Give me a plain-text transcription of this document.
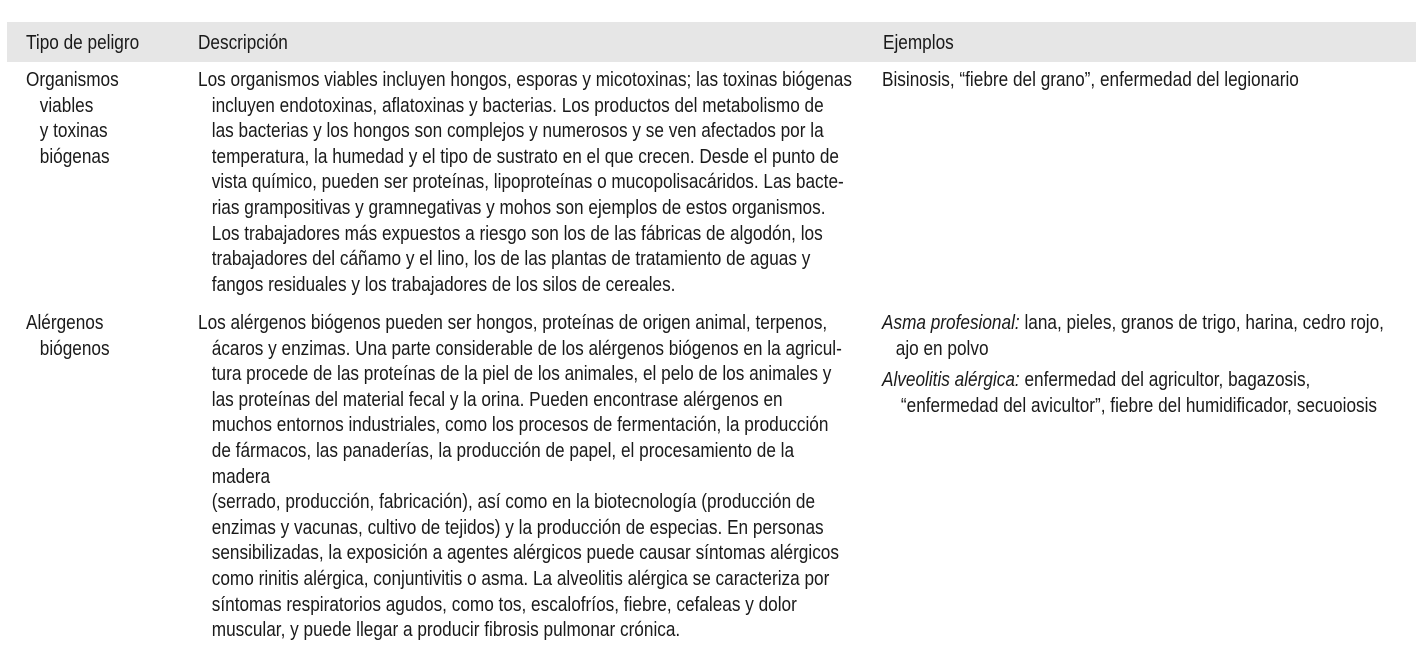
Tipo de peligro	Descripción	Ejemplos
Organismos
viables
y toxinas
biógenas
Los organismos viables incluyen hongos, esporas y micotoxinas; las toxinas biógenas
incluyen endotoxinas, aflatoxinas y bacterias. Los productos del metabolismo de
las bacterias y los hongos son complejos y numerosos y se ven afectados por la
temperatura, la humedad y el tipo de sustrato en el que crecen. Desde el punto de
vista químico, pueden ser proteínas, lipoproteínas o mucopolisacáridos. Las bacte-
rias grampositivas y gramnegativas y mohos son ejemplos de estos organismos.
Los trabajadores más expuestos a riesgo son los de las fábricas de algodón, los
trabajadores del cáñamo y el lino, los de las plantas de tratamiento de aguas y
fangos residuales y los trabajadores de los silos de cereales.
Bisinosis, “fiebre del grano”, enfermedad del legionario
Alérgenos
biógenos
Los alérgenos biógenos pueden ser hongos, proteínas de origen animal, terpenos,
ácaros y enzimas. Una parte considerable de los alérgenos biógenos en la agricul-
tura procede de las proteínas de la piel de los animales, el pelo de los animales y
las proteínas del material fecal y la orina. Pueden encontrase alérgenos en
muchos entornos industriales, como los procesos de fermentación, la producción
de fármacos, las panaderías, la producción de papel, el procesamiento de la
madera
(serrado, producción, fabricación), así como en la biotecnología (producción de
enzimas y vacunas, cultivo de tejidos) y la producción de especias. En personas
sensibilizadas, la exposición a agentes alérgicos puede causar síntomas alérgicos
como rinitis alérgica, conjuntivitis o asma. La alveolitis alérgica se caracteriza por
síntomas respiratorios agudos, como tos, escalofríos, fiebre, cefaleas y dolor
muscular, y puede llegar a producir fibrosis pulmonar crónica.
Asma profesional: lana, pieles, granos de trigo, harina, cedro rojo,
ajo en polvo
Alveolitis alérgica: enfermedad del agricultor, bagazosis,
“enfermedad del avicultor”, fiebre del humidificador, secuoiosis
